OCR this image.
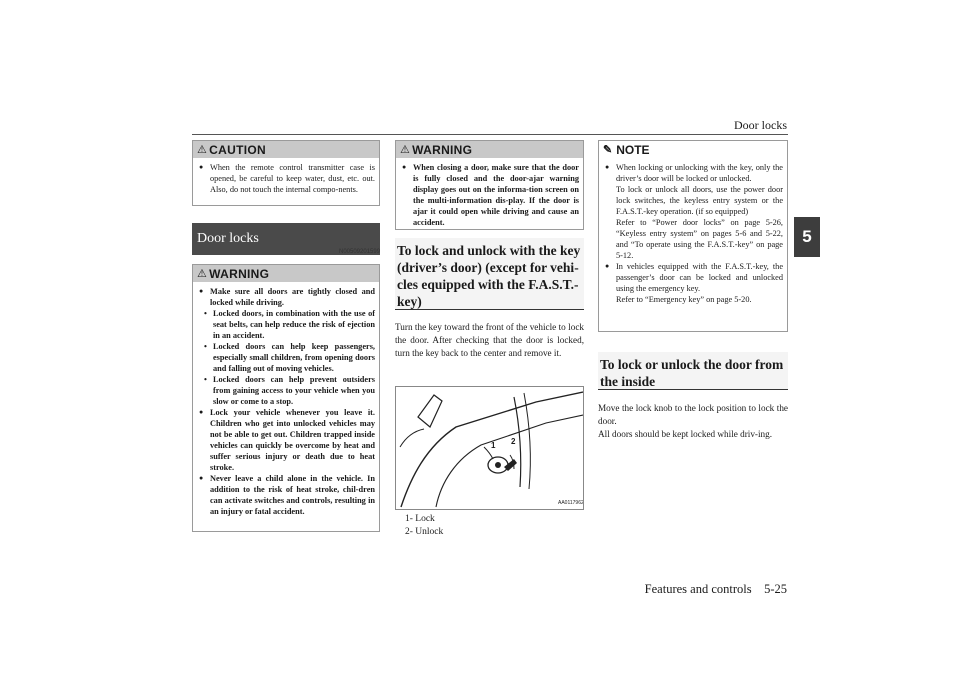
Door locks
5
⚠ CAUTION
● When the remote control transmitter case is opened, be careful to keep water, dust, etc. out. Also, do not touch the internal compo-nents.
Door locks
N00509201599
⚠ WARNING
● Make sure all doors are tightly closed and locked while driving.
• Locked doors, in combination with the use of seat belts, can help reduce the risk of ejection in an accident.
• Locked doors can help keep passengers, especially small children, from opening doors and falling out of moving vehicles.
• Locked doors can help prevent outsiders from gaining access to your vehicle when you slow or come to a stop.
● Lock your vehicle whenever you leave it. Children who get into unlocked vehicles may not be able to get out. Children trapped inside vehicles can quickly be overcome by heat and suffer serious injury or death due to heat stroke.
● Never leave a child alone in the vehicle. In addition to the risk of heat stroke, chil-dren can activate switches and controls, resulting in an injury or fatal accident.
⚠ WARNING
● When closing a door, make sure that the door is fully closed and the door-ajar warning display goes out on the informa-tion screen on the multi-information dis-play. If the door is ajar it could open while driving and cause an accident.
To lock and unlock with the key (driver’s door) (except for vehi-cles equipped with the F.A.S.T.-key)
Turn the key toward the front of the vehicle to lock the door. After checking that the door is locked, turn the key back to the center and remove it.
AA0117962
1 2
1- Lock
2- Unlock
✎ NOTE
● When locking or unlocking with the key, only the driver’s door will be locked or unlocked.
To lock or unlock all doors, use the power door lock switches, the keyless entry system or the F.A.S.T.-key operation. (if so equipped)
Refer to “Power door locks” on page 5-26, “Keyless entry system” on pages 5-6 and 5-22, and “To operate using the F.A.S.T.-key” on page 5-12.
● In vehicles equipped with the F.A.S.T.-key, the passenger’s door can be locked and unlocked using the emergency key.
Refer to “Emergency key” on page 5-20.
To lock or unlock the door from the inside
Move the lock knob to the lock position to lock the door.
All doors should be kept locked while driv-ing.
Features and controls    5-25
